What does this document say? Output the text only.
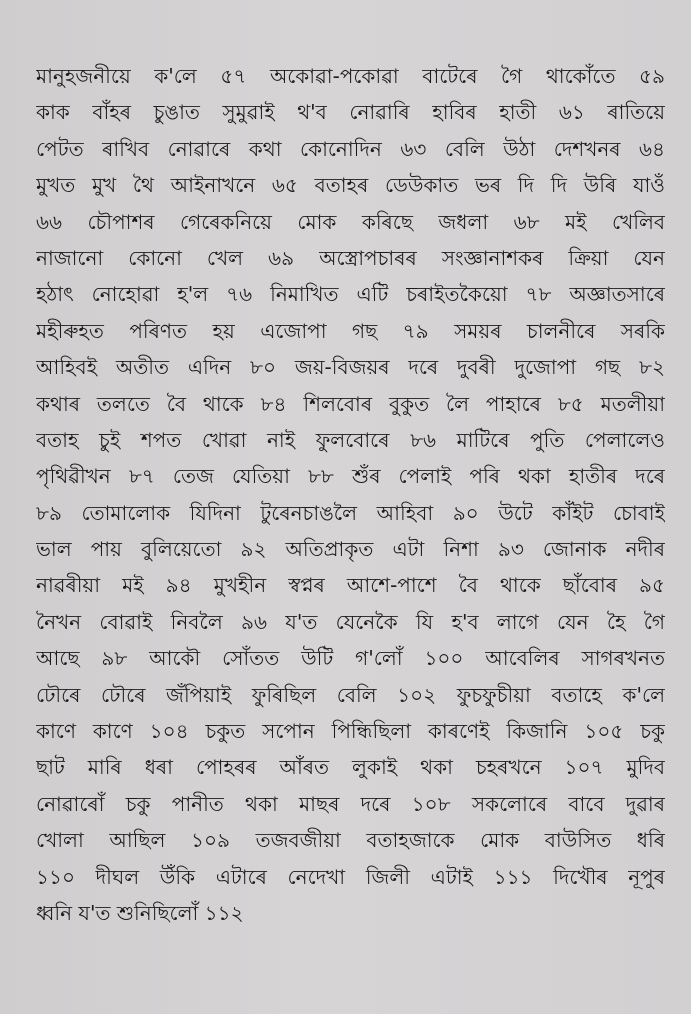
মানুহজনীয়ে ক'লে ৫৭ অকোৱা-পকোৱা বাটেৰে গৈ থাকোঁতে ৫৯
কাক বাঁহৰ চুঙাত সুমুৱাই থ'ব নোৱাৰি হাবিৰ হাতী ৬১ ৰাতিয়ে
পেটত ৰাখিব নোৱাৰে কথা কোনোদিন ৬৩ বেলি উঠা দেশখনৰ ৬৪
মুখত মুখ থৈ আইনাখনে ৬৫ বতাহৰ ডেউকাত ভৰ দি দি উৰি যাওঁ
৬৬ চৌপাশৰ গেৰেকনিয়ে মোক কৰিছে জধলা ৬৮ মই খেলিব
নাজানো কোনো খেল ৬৯ অস্ত্ৰোপচাৰৰ সংজ্ঞানাশকৰ ক্ৰিয়া যেন
হঠাৎ নোহোৱা হ'ল ৭৬ নিমাখিত এটি চৰাইতকৈয়ো ৭৮ অজ্ঞাতসাৰে
মহীৰুহত পৰিণত হয় এজোপা গছ ৭৯ সময়ৰ চালনীৰে সৰকি
আহিবই অতীত এদিন ৮০ জয়-বিজয়ৰ দৰে দুবৰী দুজোপা গছ ৮২
কথাৰ তলতে বৈ থাকে ৮৪ শিলবোৰ বুকুত লৈ পাহাৰে ৮৫ মতলীয়া
বতাহ চুই শপত খোৱা নাই ফুলবোৰে ৮৬ মাটিৰে পুতি পেলালেও
পৃথিৱীখন ৮৭ তেজ যেতিয়া ৮৮ শুঁৰ পেলাই পৰি থকা হাতীৰ দৰে
৮৯ তোমালোক যিদিনা টুৰেনচাঙলৈ আহিবা ৯০ উটে কাঁইট চোবাই
ভাল পায় বুলিয়েতো ৯২ অতিপ্ৰাকৃত এটা নিশা ৯৩ জোনাক নদীৰ
নাৱৰীয়া মই ৯৪ মুখহীন স্বপ্নৰ আশে-পাশে বৈ থাকে ছাঁবোৰ ৯৫
নৈখন বোৱাই নিবলৈ ৯৬ য'ত যেনেকৈ যি হ'ব লাগে যেন হৈ গৈ
আছে ৯৮ আকৌ সোঁতত উটি গ'লোঁ ১০০ আবেলিৰ সাগৰখনত
ঢৌৰে ঢৌৰে জঁপিয়াই ফুৰিছিল বেলি ১০২ ফুচফুচীয়া বতাহে ক'লে
কাণে কাণে ১০৪ চকুত সপোন পিন্ধিছিলা কাৰণেই কিজানি ১০৫ চকু
ছাট মাৰি ধৰা পোহৰৰ আঁৰত লুকাই থকা চহৰখনে ১০৭ মুদিব
নোৱাৰোঁ চকু পানীত থকা মাছৰ দৰে ১০৮ সকলোৰে বাবে দুৱাৰ
খোলা আছিল ১০৯ তজবজীয়া বতাহজাকে মোক বাউসিত ধৰি
১১০ দীঘল উঁকি এটাৰে নেদেখা জিলী এটাই ১১১ দিখৌৰ নূপুৰ
ধ্বনি য'ত শুনিছিলোঁ ১১২
